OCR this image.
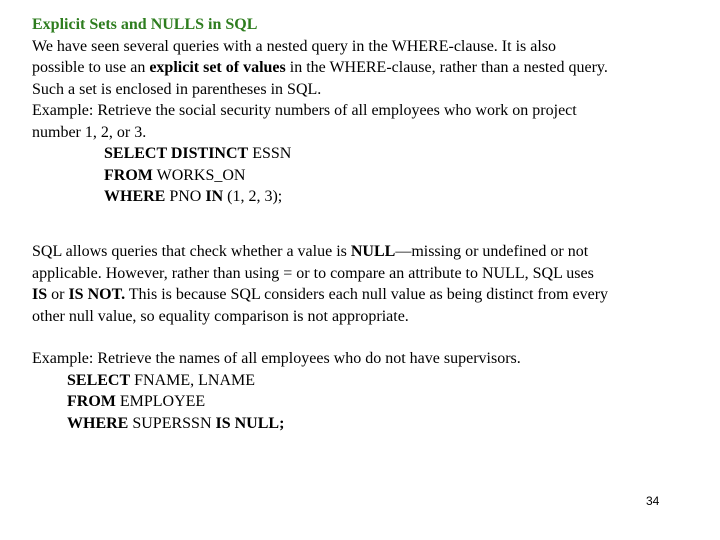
Explicit Sets and NULLS in SQL
We have seen several queries with a nested query in the WHERE-clause. It is also
possible to use an explicit set of values in the WHERE-clause, rather than a nested query.
Such a set is enclosed in parentheses in SQL.
Example: Retrieve the social security numbers of all employees who work on project
number 1, 2, or 3.
SELECT DISTINCT ESSN
FROM WORKS_ON
WHERE PNO IN (1, 2, 3);
SQL allows queries that check whether a value is NULL—missing or undefined or not
applicable. However, rather than using = or to compare an attribute to NULL, SQL uses
IS or IS NOT. This is because SQL considers each null value as being distinct from every
other null value, so equality comparison is not appropriate.
Example: Retrieve the names of all employees who do not have supervisors.
SELECT FNAME, LNAME
FROM EMPLOYEE
WHERE SUPERSSN IS NULL;
34
